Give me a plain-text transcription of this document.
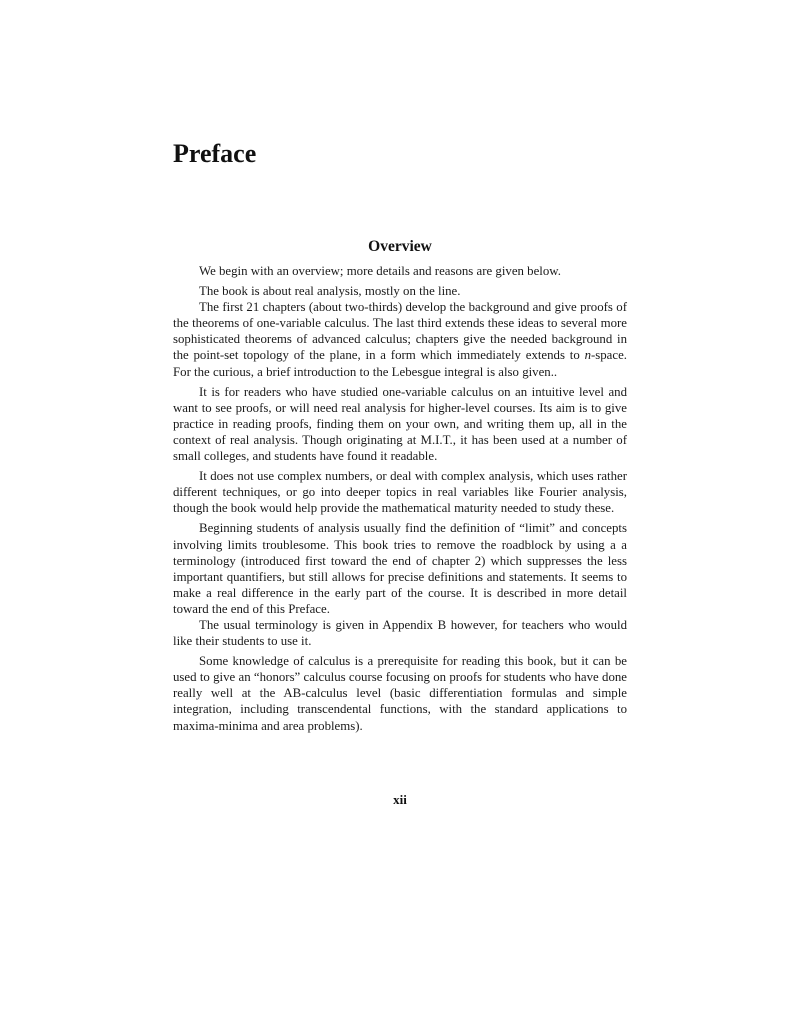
Preface
Overview

We begin with an overview; more details and reasons are given below.

The book is about real analysis, mostly on the line.

The first 21 chapters (about two-thirds) develop the background and give proofs of the theorems of one-variable calculus. The last third extends these ideas to several more sophisticated theorems of advanced calculus; chapters give the needed background in the point-set topology of the plane, in a form which immediately extends to n-space. For the curious, a brief introduction to the Lebesgue integral is also given..

It is for readers who have studied one-variable calculus on an intuitive level and want to see proofs, or will need real analysis for higher-level courses. Its aim is to give practice in reading proofs, finding them on your own, and writing them up, all in the context of real analysis. Though originating at M.I.T., it has been used at a number of small colleges, and students have found it readable.

It does not use complex numbers, or deal with complex analysis, which uses rather different techniques, or go into deeper topics in real variables like Fourier analysis, though the book would help provide the mathematical maturity needed to study these.

Beginning students of analysis usually find the definition of “limit” and concepts involving limits troublesome. This book tries to remove the roadblock by using a a terminology (introduced first toward the end of chapter 2) which suppresses the less important quantifiers, but still allows for precise definitions and statements. It seems to make a real difference in the early part of the course. It is described in more detail toward the end of this Preface.

The usual terminology is given in Appendix B however, for teachers who would like their students to use it.

Some knowledge of calculus is a prerequisite for reading this book, but it can be used to give an “honors” calculus course focusing on proofs for students who have done really well at the AB-calculus level (basic differentiation formulas and simple integration, including transcendental functions, with the standard applications to maxima-minima and area problems).

xii
